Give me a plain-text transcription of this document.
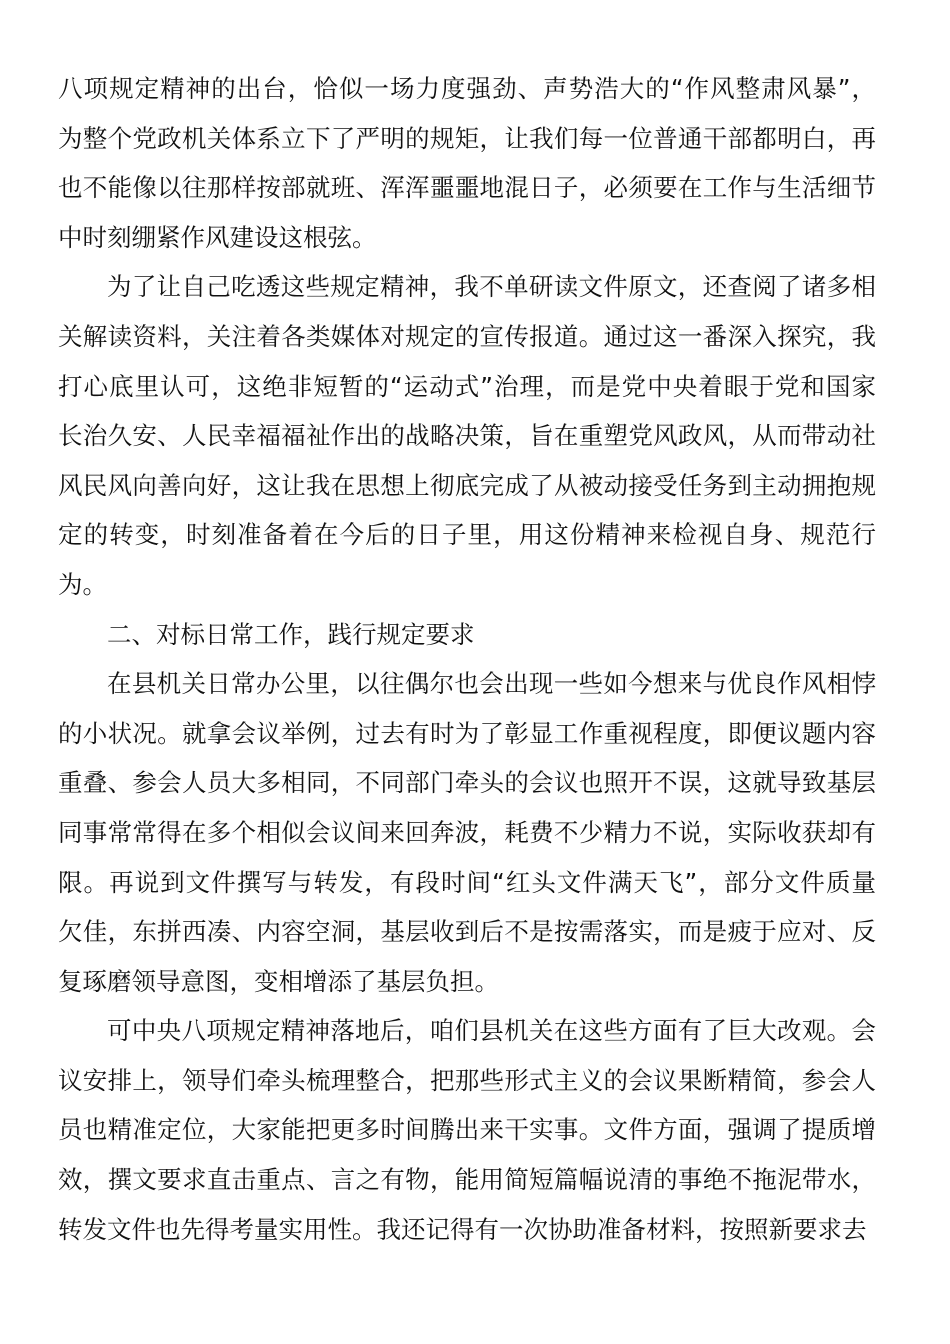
八项规定精神的出台，恰似一场力度强劲、声势浩大的“作风整肃风暴”，
为整个党政机关体系立下了严明的规矩，让我们每一位普通干部都明白，再
也不能像以往那样按部就班、浑浑噩噩地混日子，必须要在工作与生活细节
中时刻绷紧作风建设这根弦。
为了让自己吃透这些规定精神，我不单研读文件原文，还查阅了诸多相
关解读资料，关注着各类媒体对规定的宣传报道。通过这一番深入探究，我
打心底里认可，这绝非短暂的“运动式”治理，而是党中央着眼于党和国家
长治久安、人民幸福福祉作出的战略决策，旨在重塑党风政风，从而带动社
风民风向善向好，这让我在思想上彻底完成了从被动接受任务到主动拥抱规
定的转变，时刻准备着在今后的日子里，用这份精神来检视自身、规范行
为。
二、对标日常工作，践行规定要求
在县机关日常办公里，以往偶尔也会出现一些如今想来与优良作风相悖
的小状况。就拿会议举例，过去有时为了彰显工作重视程度，即便议题内容
重叠、参会人员大多相同，不同部门牵头的会议也照开不误，这就导致基层
同事常常得在多个相似会议间来回奔波，耗费不少精力不说，实际收获却有
限。再说到文件撰写与转发，有段时间“红头文件满天飞”，部分文件质量
欠佳，东拼西凑、内容空洞，基层收到后不是按需落实，而是疲于应对、反
复琢磨领导意图，变相增添了基层负担。
可中央八项规定精神落地后，咱们县机关在这些方面有了巨大改观。会
议安排上，领导们牵头梳理整合，把那些形式主义的会议果断精简，参会人
员也精准定位，大家能把更多时间腾出来干实事。文件方面，强调了提质增
效，撰文要求直击重点、言之有物，能用简短篇幅说清的事绝不拖泥带水，
转发文件也先得考量实用性。我还记得有一次协助准备材料，按照新要求去
